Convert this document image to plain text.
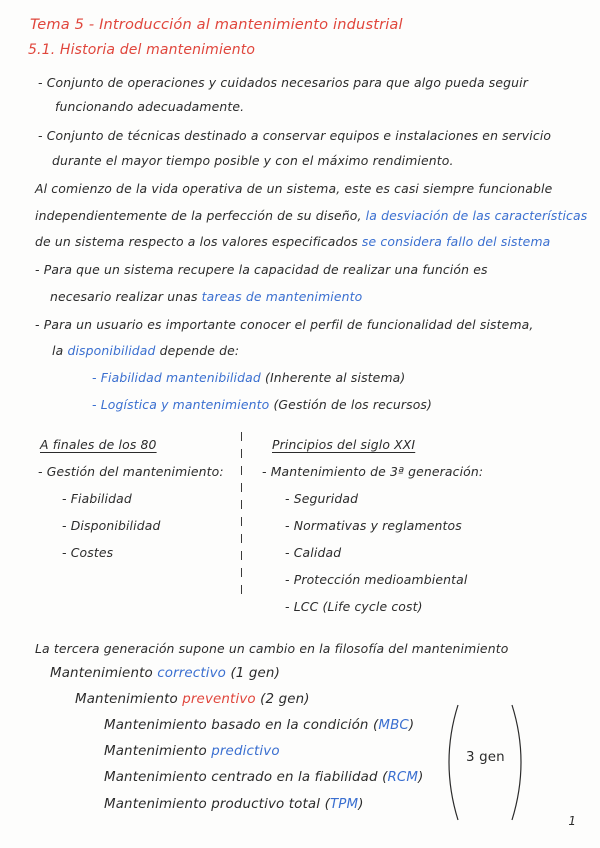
Tema 5 - Introducción al mantenimiento industrial
5.1. Historia del mantenimiento
- Conjunto de operaciones y cuidados necesarios para que algo pueda seguir
funcionando adecuadamente.
- Conjunto de técnicas destinado a conservar equipos e instalaciones en servicio
durante el mayor tiempo posible y con el máximo rendimiento.
Al comienzo de la vida operativa de un sistema, este es casi siempre funcionable
independientemente de la perfección de su diseño, la desviación de las características
de un sistema respecto a los valores especificados se considera fallo del sistema
- Para que un sistema recupere la capacidad de realizar una función es
necesario realizar unas tareas de mantenimiento
- Para un usuario es importante conocer el perfil de funcionalidad del sistema,
la disponibilidad depende de:
- Fiabilidad mantenibilidad (Inherente al sistema)
- Logística y mantenimiento (Gestión de los recursos)
A finales de los 80
- Gestión del mantenimiento:
- Fiabilidad
- Disponibilidad
- Costes
Principios del siglo XXI
- Mantenimiento de 3ª generación:
- Seguridad
- Normativas y reglamentos
- Calidad
- Protección medioambiental
- LCC (Life cycle cost)
La tercera generación supone un cambio en la filosofía del mantenimiento
Mantenimiento correctivo (1 gen)
Mantenimiento preventivo (2 gen)
Mantenimiento basado en la condición (MBC)
Mantenimiento predictivo
Mantenimiento centrado en la fiabilidad (RCM)
Mantenimiento productivo total (TPM)
3 gen
1
